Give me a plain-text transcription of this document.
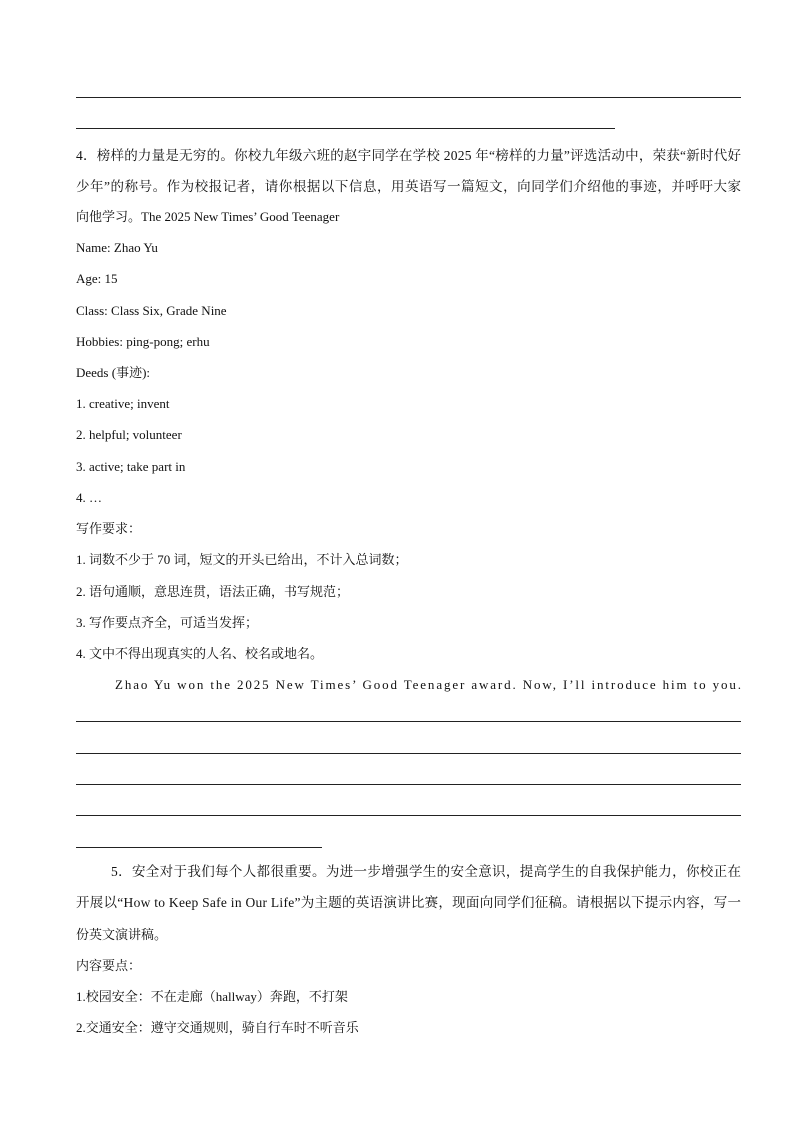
4．榜样的力量是无穷的。你校九年级六班的赵宇同学在学校 2025 年“榜样的力量”评选活动中，荣获“新时代好
少年”的称号。作为校报记者，请你根据以下信息，用英语写一篇短文，向同学们介绍他的事迹，并呼吁大家
向他学习。The 2025 New Times’ Good Teenager
Name: Zhao Yu
Age: 15
Class: Class Six, Grade Nine
Hobbies: ping-pong; erhu
Deeds (事迹):
1. creative; invent
2. helpful; volunteer
3. active; take part in
4. …
写作要求：
1. 词数不少于 70 词，短文的开头已给出，不计入总词数；
2. 语句通顺，意思连贯，语法正确，书写规范；
3. 写作要点齐全，可适当发挥；
4. 文中不得出现真实的人名、校名或地名。
Zhao Yu won the 2025 New Times’ Good Teenager award. Now, I’ll introduce him to you.
5．安全对于我们每个人都很重要。为进一步增强学生的安全意识，提高学生的自我保护能力，你校正在
开展以“How to Keep Safe in Our Life”为主题的英语演讲比赛，现面向同学们征稿。请根据以下提示内容，写一
份英文演讲稿。
内容要点：
1.校园安全：不在走廊（hallway）奔跑，不打架
2.交通安全：遵守交通规则，骑自行车时不听音乐
